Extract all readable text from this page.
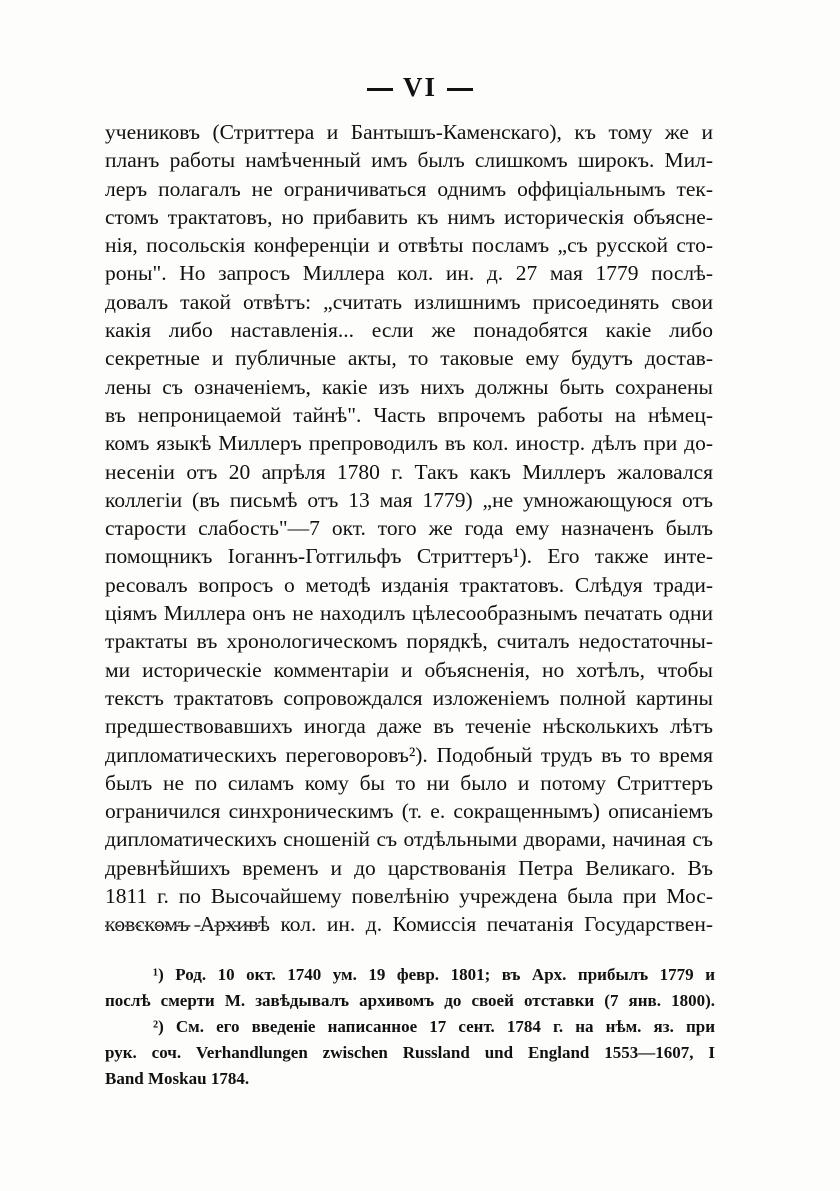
VI
учениковъ (Стриттера и Бантышъ-Каменскаго), къ тому же и
планъ работы намѣченный имъ былъ слишкомъ широкъ. Мил-
леръ полагалъ не ограничиваться однимъ оффиціальнымъ тек-
стомъ трактатовъ, но прибавить къ нимъ историческія объясне-
нія, посольскія конференціи и отвѣты посламъ „съ русской сто-
роны". Но запросъ Миллера кол. ин. д. 27 мая 1779 послѣ-
довалъ такой отвѣтъ: „считать излишнимъ присоединять свои
какія либо наставленія... если же понадобятся какіе либо
секретные и публичные акты, то таковые ему будутъ достав-
лены съ означеніемъ, какіе изъ нихъ должны быть сохранены
въ непроницаемой тайнѣ". Часть впрочемъ работы на нѣмец-
комъ языкѣ Миллеръ препроводилъ въ кол. иностр. дѣлъ при до-
несеніи отъ 20 апрѣля 1780 г. Такъ какъ Миллеръ жаловался
коллегіи (въ письмѣ отъ 13 мая 1779) „не умножающуюся отъ
старости слабость"—7 окт. того же года ему назначенъ былъ
помощникъ Іоганнъ-Готгильфъ Стриттеръ¹). Его также инте-
ресовалъ вопросъ о методѣ изданія трактатовъ. Слѣдуя тради-
ціямъ Миллера онъ не находилъ цѣлесообразнымъ печатать одни
трактаты въ хронологическомъ порядкѣ, считалъ недостаточны-
ми историческіе комментаріи и объясненія, но хотѣлъ, чтобы
текстъ трактатовъ сопровождался изложеніемъ полной картины
предшествовавшихъ иногда даже въ теченіе нѣсколькихъ лѣтъ
дипломатическихъ переговоровъ²). Подобный трудъ въ то время
былъ не по силамъ кому бы то ни было и потому Стриттеръ
ограничился синхроническимъ (т. е. сокращеннымъ) описаніемъ
дипломатическихъ сношеній съ отдѣльными дворами, начиная съ
древнѣйшихъ временъ и до царствованія Петра Великаго. Въ
1811 г. по Высочайшему повелѣнію учреждена была при Мос-
ковскомъ Архивѣ кол. ин. д. Комиссія печатанія Государствен-
¹) Род. 10 окт. 1740 ум. 19 февр. 1801; въ Арх. прибылъ 1779 и
послѣ смерти М. завѣдывалъ архивомъ до своей отставки (7 янв. 1800).
²) См. его введеніе написанное 17 сент. 1784 г. на нѣм. яз. при
рук. соч. Verhandlungen zwischen Russland und England 1553—1607, I
Band Moskau 1784.
